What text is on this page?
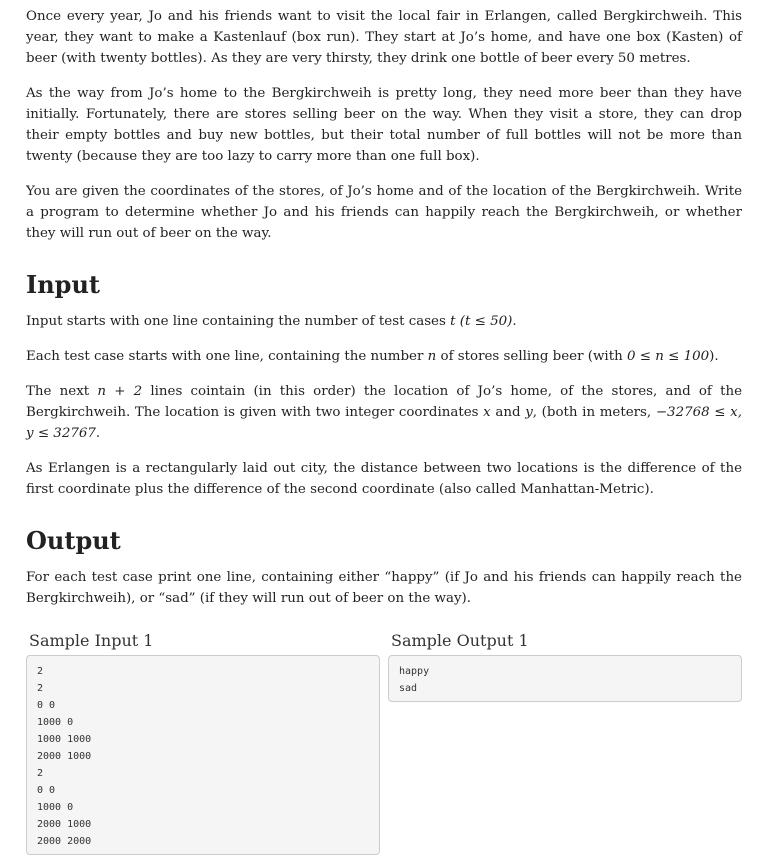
Once every year, Jo and his friends want to visit the local fair in Erlangen, called Bergkirchweih. This year, they want to make a Kastenlauf (box run). They start at Jo’s home, and have one box (Kasten) of beer (with twenty bottles). As they are very thirsty, they drink one bottle of beer every 50 metres.

As the way from Jo’s home to the Bergkirchweih is pretty long, they need more beer than they have initially. Fortunately, there are stores selling beer on the way. When they visit a store, they can drop their empty bottles and buy new bottles, but their total number of full bottles will not be more than twenty (because they are too lazy to carry more than one full box).

You are given the coordinates of the stores, of Jo’s home and of the location of the Bergkirchweih. Write a program to determine whether Jo and his friends can happily reach the Bergkirchweih, or whether they will run out of beer on the way.

Input

Input starts with one line containing the number of test cases t (t ≤ 50).

Each test case starts with one line, containing the number n of stores selling beer (with 0 ≤ n ≤ 100).

The next n + 2 lines cointain (in this order) the location of Jo’s home, of the stores, and of the Bergkirchweih. The location is given with two integer coordinates x and y, (both in meters, −32768 ≤ x, y ≤ 32767.

As Erlangen is a rectangularly laid out city, the distance between two locations is the difference of the first coordinate plus the difference of the second coordinate (also called Manhattan-Metric).

Output

For each test case print one line, containing either “happy” (if Jo and his friends can happily reach the Bergkirchweih), or “sad” (if they will run out of beer on the way).

Sample Input 1
2
2
0 0
1000 0
1000 1000
2000 1000
2
0 0
1000 0
2000 1000
2000 2000
Sample Output 1
happy
sad
